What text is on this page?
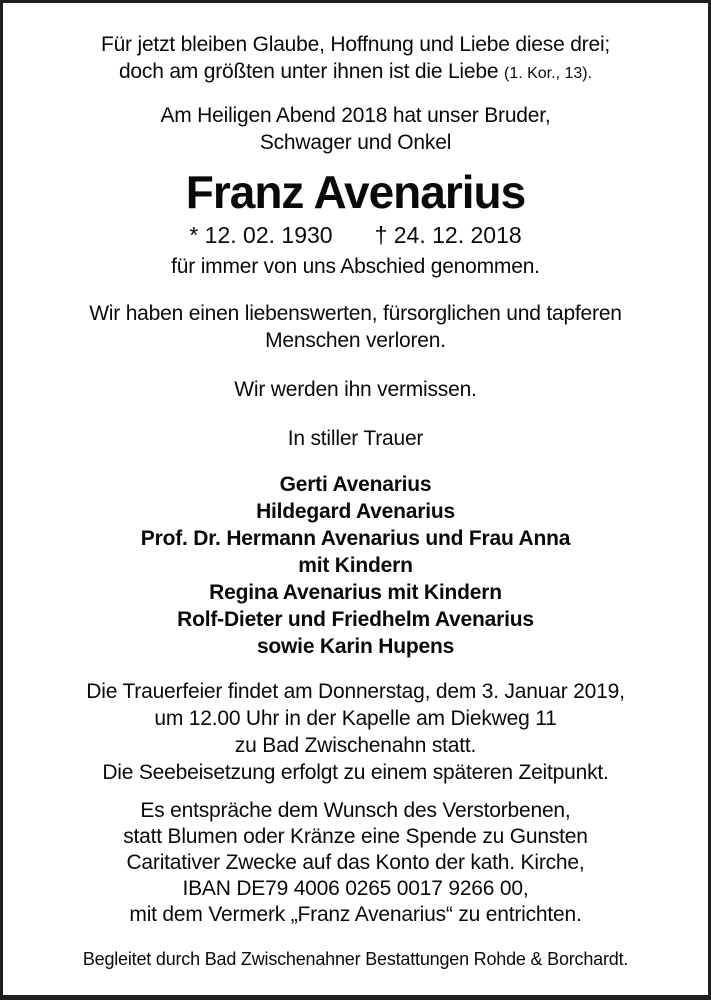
Für jetzt bleiben Glaube, Hoffnung und Liebe diese drei;
doch am größten unter ihnen ist die Liebe (1. Kor., 13).
Am Heiligen Abend 2018 hat unser Bruder,
Schwager und Onkel
Franz Avenarius
* 12. 02. 1930 † 24. 12. 2018
für immer von uns Abschied genommen.
Wir haben einen liebenswerten, fürsorglichen und tapferen
Menschen verloren.
Wir werden ihn vermissen.
In stiller Trauer
Gerti Avenarius
Hildegard Avenarius
Prof. Dr. Hermann Avenarius und Frau Anna
mit Kindern
Regina Avenarius mit Kindern
Rolf-Dieter und Friedhelm Avenarius
sowie Karin Hupens
Die Trauerfeier findet am Donnerstag, dem 3. Januar 2019,
um 12.00 Uhr in der Kapelle am Diekweg 11
zu Bad Zwischenahn statt.
Die Seebeisetzung erfolgt zu einem späteren Zeitpunkt.
Es entspräche dem Wunsch des Verstorbenen,
statt Blumen oder Kränze eine Spende zu Gunsten
Caritativer Zwecke auf das Konto der kath. Kirche,
IBAN DE79 4006 0265 0017 9266 00,
mit dem Vermerk „Franz Avenarius“ zu entrichten.
Begleitet durch Bad Zwischenahner Bestattungen Rohde & Borchardt.
